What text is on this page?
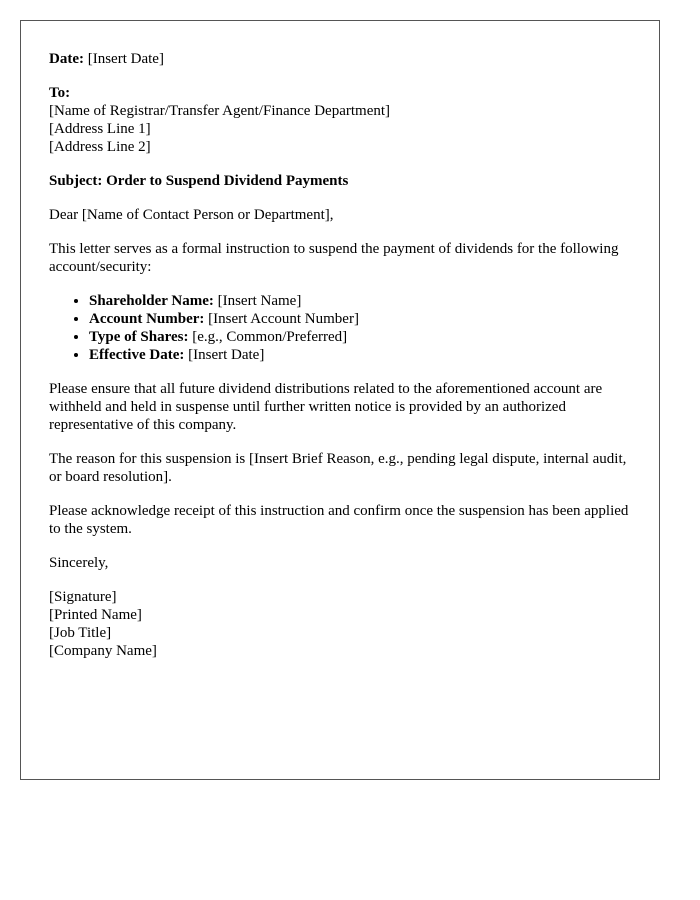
Date: [Insert Date]

To:
[Name of Registrar/Transfer Agent/Finance Department]
[Address Line 1]
[Address Line 2]

Subject: Order to Suspend Dividend Payments

Dear [Name of Contact Person or Department],

This letter serves as a formal instruction to suspend the payment of dividends for the following account/security:

• Shareholder Name: [Insert Name]
• Account Number: [Insert Account Number]
• Type of Shares: [e.g., Common/Preferred]
• Effective Date: [Insert Date]

Please ensure that all future dividend distributions related to the aforementioned account are withheld and held in suspense until further written notice is provided by an authorized representative of this company.

The reason for this suspension is [Insert Brief Reason, e.g., pending legal dispute, internal audit, or board resolution].

Please acknowledge receipt of this instruction and confirm once the suspension has been applied to the system.

Sincerely,

[Signature]
[Printed Name]
[Job Title]
[Company Name]
